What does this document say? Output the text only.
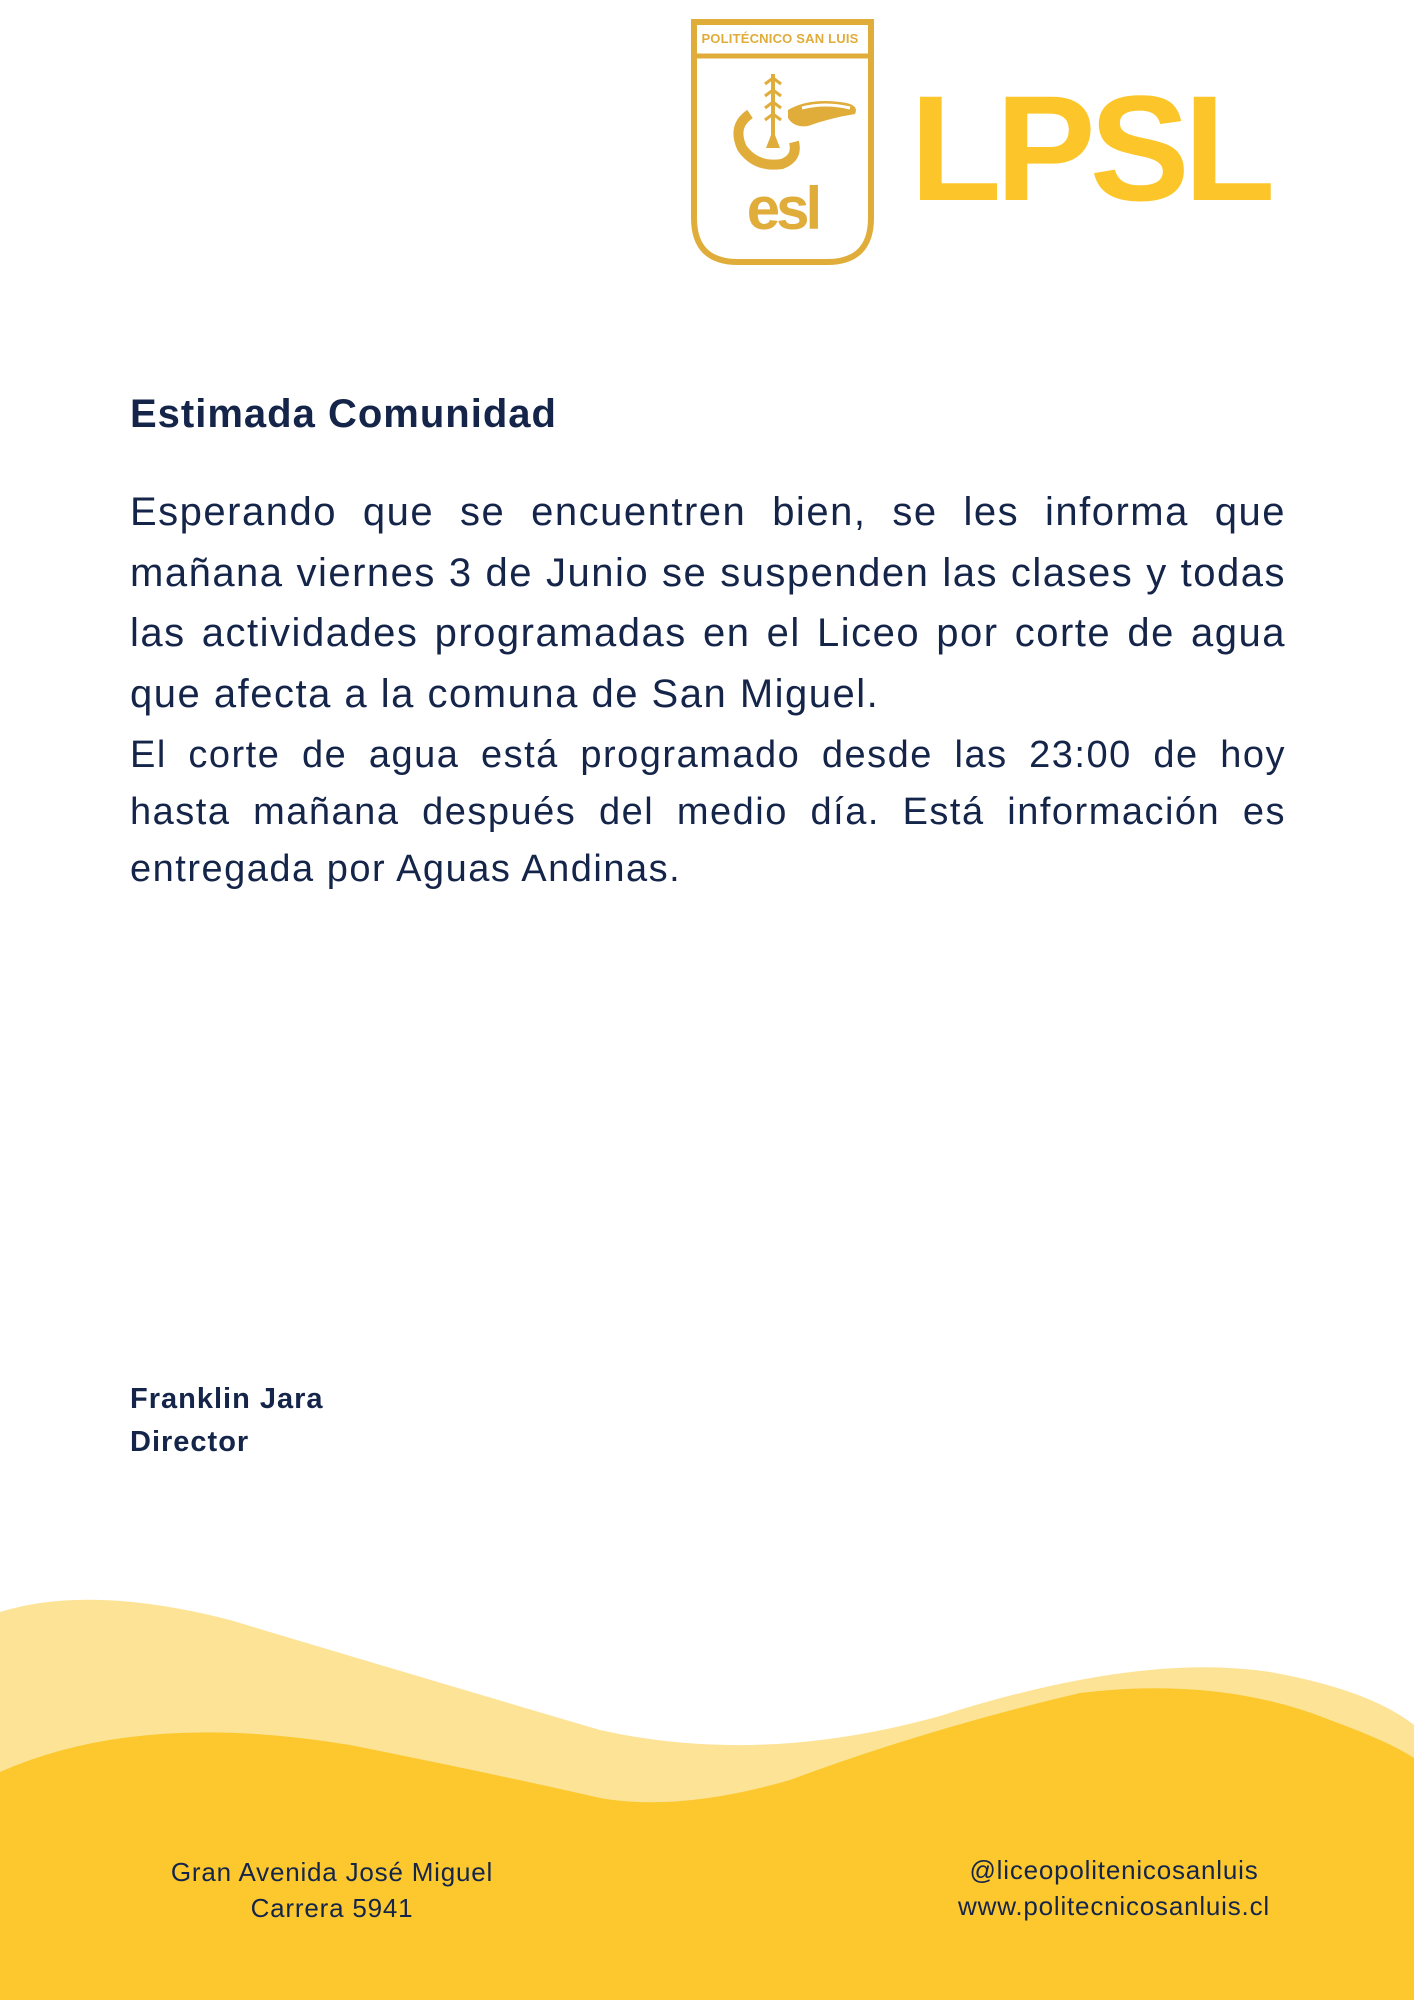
POLITÉCNICO SAN LUIS
esl LPSL
Estimada Comunidad

Esperando que se encuentren bien, se les informa que mañana viernes 3 de Junio se suspenden las clases y todas las actividades programadas en el Liceo por corte de agua que afecta a la comuna de San Miguel.

El corte de agua está programado desde las 23:00 de hoy hasta mañana después del medio día. Está información es entregada por Aguas Andinas.

Franklin Jara
Director
Gran Avenida José Miguel
Carrera 5941
@liceopolitenicosanluis
www.politecnicosanluis.cl
